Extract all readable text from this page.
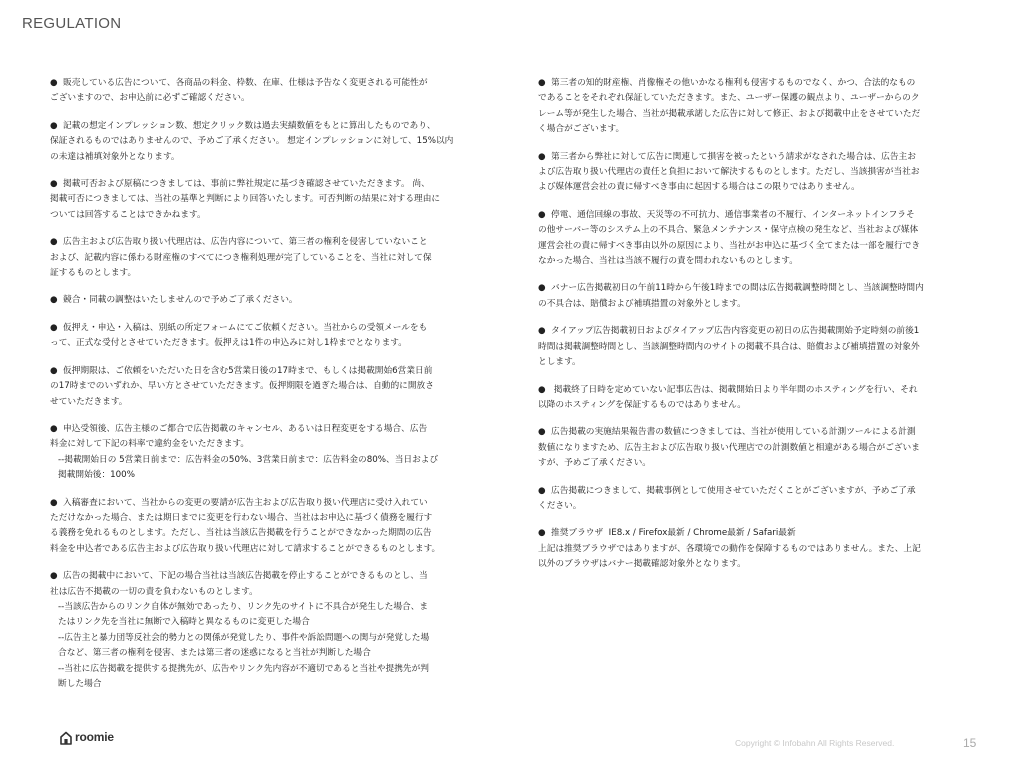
REGULATION
● 販売している広告について、各商品の料金、枠数、在庫、仕様は予告なく変更される可能性が
ございますので、お申込前に必ずご確認ください。
● 記載の想定インプレッション数、想定クリック数は過去実績数値をもとに算出したものであり、
保証されるものではありませんので、予めご了承ください。 想定インプレッションに対して、15%以内
の未達は補填対象外となります。
● 掲載可否および原稿につきましては、事前に弊社規定に基づき確認させていただきます。 尚、
掲載可否につきましては、当社の基準と判断により回答いたします。可否判断の結果に対する理由に
ついては回答することはできかねます。
● 広告主および広告取り扱い代理店は、広告内容について、第三者の権利を侵害していないこと
および、記載内容に係わる財産権のすべてにつき権利処理が完了していることを、当社に対して保
証するものとします。
● 競合・同載の調整はいたしませんので予めご了承ください。
● 仮押え・申込・入稿は、別紙の所定フォームにてご依頼ください。当社からの受領メールをも
って、正式な受付とさせていただきます。仮押えは1件の申込みに対し1枠までとなります。
● 仮押期限は、ご依頼をいただいた日を含む5営業日後の17時まで、もしくは掲載開始6営業日前
の17時までのいずれか、早い方とさせていただきます。仮押期限を過ぎた場合は、自動的に開放さ
せていただきます。
● 申込受領後、広告主様のご都合で広告掲載のキャンセル、あるいは日程変更をする場合、広告
料金に対して下記の料率で違約金をいただきます。
--掲載開始日の 5営業日前まで：広告料金の50%、3営業日前まで：広告料金の80%、当日および
掲載開始後：100%
● 入稿審査において、当社からの変更の要請が広告主および広告取り扱い代理店に受け入れてい
ただけなかった場合、または期日までに変更を行わない場合、当社はお申込に基づく債務を履行す
る義務を免れるものとします。ただし、当社は当該広告掲載を行うことができなかった期間の広告
料金を申込者である広告主および広告取り扱い代理店に対して請求することができるものとします。
● 広告の掲載中において、下記の場合当社は当該広告掲載を停止することができるものとし、当
社は広告不掲載の一切の責を負わないものとします。
--当該広告からのリンク自体が無効であったり、リンク先のサイトに不具合が発生した場合、ま
たはリンク先を当社に無断で入稿時と異なるものに変更した場合
--広告主と暴力団等反社会的勢力との関係が発覚したり、事件や訴訟問題への関与が発覚した場
合など、第三者の権利を侵害、または第三者の迷惑になると当社が判断した場合
--当社に広告掲載を提供する提携先が、広告やリンク先内容が不適切であると当社や提携先が判
断した場合
● 第三者の知的財産権、肖像権その他いかなる権利も侵害するものでなく、かつ、合法的なもの
であることをそれぞれ保証していただきます。また、ユーザー保護の観点より、ユーザーからのク
レーム等が発生した場合、当社が掲載承諾した広告に対して修正、および掲載中止をさせていただ
く場合がございます。
● 第三者から弊社に対して広告に関連して損害を被ったという請求がなされた場合は、広告主お
よび広告取り扱い代理店の責任と負担において解決するものとします。ただし、当該損害が当社お
よび媒体運営会社の責に帰すべき事由に起因する場合はこの限りではありません。
● 停電、通信回線の事故、天災等の不可抗力、通信事業者の不履行、インターネットインフラそ
の他サーバー等のシステム上の不具合、緊急メンテナンス・保守点検の発生など、当社および媒体
運営会社の責に帰すべき事由以外の原因により、当社がお申込に基づく全てまたは一部を履行でき
なかった場合、当社は当該不履行の責を問われないものとします。
● バナー広告掲載初日の午前11時から午後1時までの間は広告掲載調整時間とし、当該調整時間内
の不具合は、賠償および補填措置の対象外とします。
● タイアップ広告掲載初日およびタイアップ広告内容変更の初日の広告掲載開始予定時刻の前後1
時間は掲載調整時間とし、当該調整時間内のサイトの掲載不具合は、賠償および補填措置の対象外
とします。
● 掲載終了日時を定めていない記事広告は、掲載開始日より半年間のホスティングを行い、それ
以降のホスティングを保証するものではありません。
● 広告掲載の実施結果報告書の数値につきましては、当社が使用している計測ツールによる計測
数値になりますため、広告主および広告取り扱い代理店での計測数値と相違がある場合がございま
すが、予めご了承ください。
● 広告掲載につきまして、掲載事例として使用させていただくことがございますが、予めご了承
ください。
● 推奨ブラウザ  IE8.x / Firefox最新 / Chrome最新 / Safari最新
上記は推奨ブラウザではありますが、各環境での動作を保障するものではありません。また、上記
以外のブラウザはバナー掲載確認対象外となります。
roomie	Copyright © Infobahn All Rights Reserved.	15
